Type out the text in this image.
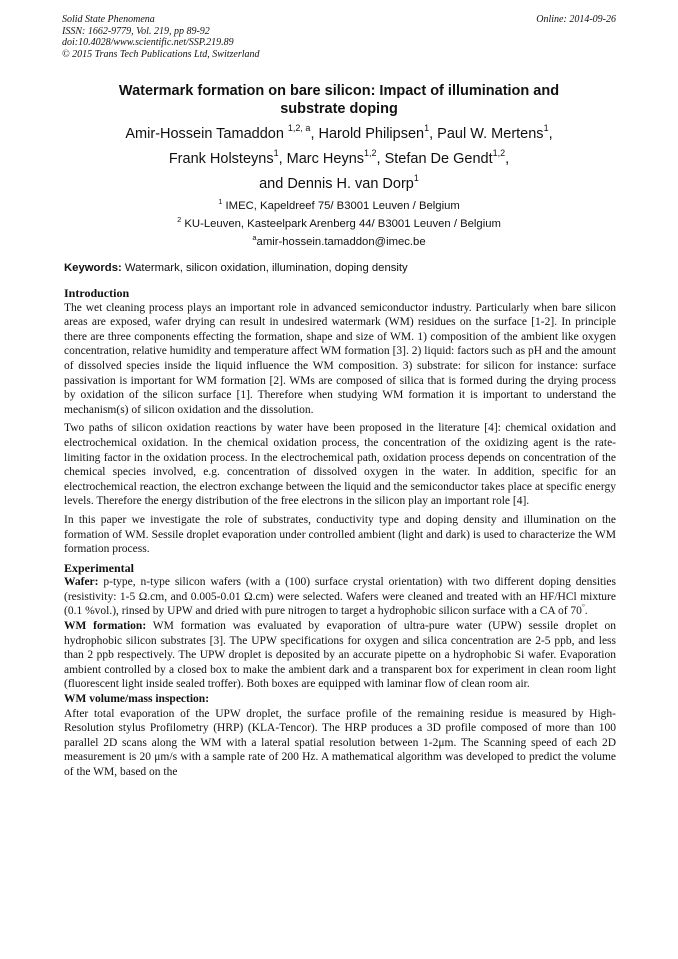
Solid State Phenomena
ISSN: 1662-9779, Vol. 219, pp 89-92
doi:10.4028/www.scientific.net/SSP.219.89
© 2015 Trans Tech Publications Ltd, Switzerland
Online: 2014-09-26
Watermark formation on bare silicon: Impact of illumination and
substrate doping
Amir-Hossein Tamaddon $^{1,2, a}$, Harold Philipsen$^1$, Paul W. Mertens$^1$,
Frank Holsteyns$^1$, Marc Heyns$^{1,2}$, Stefan De Gendt$^{1,2}$,
and Dennis H. van Dorp$^1$
$^1$ IMEC, Kapeldreef 75/ B3001 Leuven / Belgium
$^2$ KU-Leuven, Kasteelpark Arenberg 44/ B3001 Leuven / Belgium
$^a$amir-hossein.tamaddon@imec.be
Keywords: Watermark, silicon oxidation, illumination, doping density

Introduction

The wet cleaning process plays an important role in advanced semiconductor industry. Particularly when bare silicon areas are exposed, wafer drying can result in undesired watermark (WM) residues on the surface [1-2]. In principle there are three components effecting the formation, shape and size of WM. 1) composition of the ambient like oxygen concentration, relative humidity and temperature affect WM formation [3]. 2) liquid: factors such as pH and the amount of dissolved species inside the liquid influence the WM composition. 3) substrate: for silicon for instance: surface passivation is important for WM formation [2]. WMs are composed of silica that is formed during the drying process by oxidation of the silicon surface [1]. Therefore when studying WM formation it is important to understand the mechanism(s) of silicon oxidation and the dissolution.

Two paths of silicon oxidation reactions by water have been proposed in the literature [4]: chemical oxidation and electrochemical oxidation. In the chemical oxidation process, the concentration of the oxidizing agent is the rate-limiting factor in the oxidation process. In the electrochemical path, oxidation process depends on concentration of the chemical species involved, e.g. concentration of dissolved oxygen in the water. In addition, specific for an electrochemical reaction, the electron exchange between the liquid and the semiconductor takes place at specific energy levels. Therefore the energy distribution of the free electrons in the silicon play an important role [4].

In this paper we investigate the role of substrates, conductivity type and doping density and illumination on the formation of WM. Sessile droplet evaporation under controlled ambient (light and dark) is used to characterize the WM formation process.

Experimental

Wafer: p-type, n-type silicon wafers (with a (100) surface crystal orientation) with two different doping densities (resistivity: 1-5 Ω.cm, and 0.005-0.01 Ω.cm) were selected. Wafers were cleaned and treated with an HF/HCl mixture (0.1 %vol.), rinsed by UPW and dried with pure nitrogen to target a hydrophobic silicon surface with a CA of 70°.

WM formation: WM formation was evaluated by evaporation of ultra-pure water (UPW) sessile droplet on hydrophobic silicon substrates [3]. The UPW specifications for oxygen and silica concentration are 2-5 ppb, and less than 2 ppb respectively. The UPW droplet is deposited by an accurate pipette on a hydrophobic Si wafer. Evaporation ambient controlled by a closed box to make the ambient dark and a transparent box for experiment in clean room light (fluorescent light inside sealed troffer). Both boxes are equipped with laminar flow of clean room air.

WM volume/mass inspection:

After total evaporation of the UPW droplet, the surface profile of the remaining residue is measured by High-Resolution stylus Profilometry (HRP) (KLA-Tencor). The HRP produces a 3D profile composed of more than 100 parallel 2D scans along the WM with a lateral spatial resolution between 1-2μm. The Scanning speed of each 2D measurement is 20 μm/s with a sample rate of 200 Hz. A mathematical algorithm was developed to predict the volume of the WM, based on the
